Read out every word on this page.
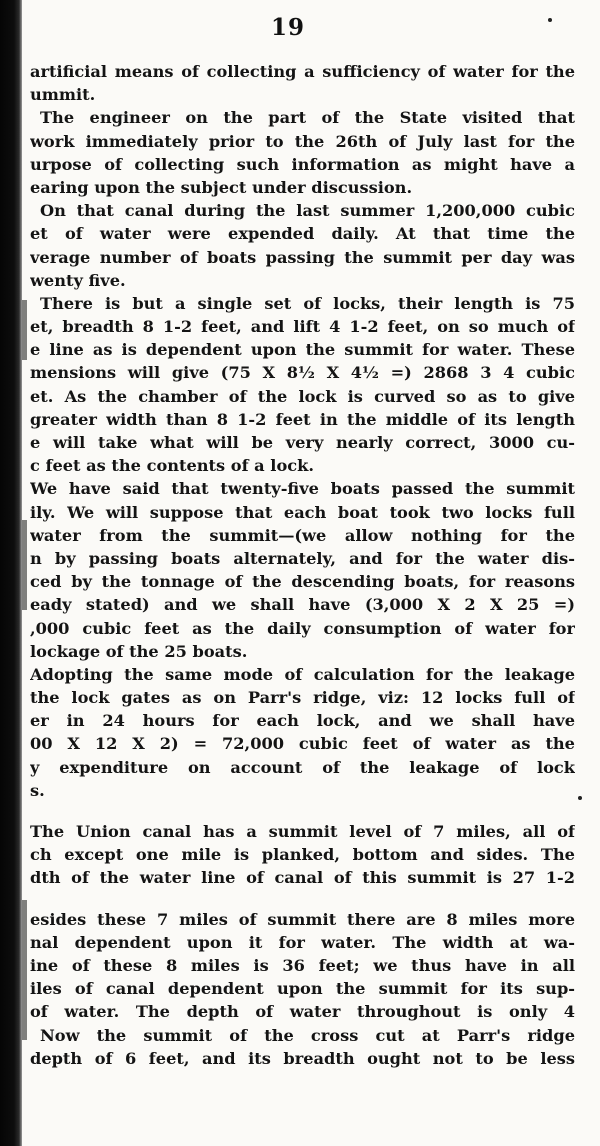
19
artificial means of collecting a sufficiency of water for the
ummit.
The engineer on the part of the State visited that
work immediately prior to the 26th of July last for the
urpose of collecting such information as might have a
earing upon the subject under discussion.
On that canal during the last summer 1,200,000 cubic
et of water were expended daily. At that time the
verage number of boats passing the summit per day was
wenty five.
There is but a single set of locks, their length is 75
et, breadth 8 1-2 feet, and lift 4 1-2 feet, on so much of
e line as is dependent upon the summit for water. These
mensions will give (75 X 8½ X 4½ =) 2868 3 4 cubic
et. As the chamber of the lock is curved so as to give
greater width than 8 1-2 feet in the middle of its length
e will take what will be very nearly correct, 3000 cu-
c feet as the contents of a lock.
We have said that twenty-five boats passed the summit
ily. We will suppose that each boat took two locks full
water from the summit—(we allow nothing for the
n by passing boats alternately, and for the water dis-
ced by the tonnage of the descending boats, for reasons
eady stated) and we shall have (3,000 X 2 X 25 =)
,000 cubic feet as the daily consumption of water for
lockage of the 25 boats.
Adopting the same mode of calculation for the leakage
the lock gates as on Parr's ridge, viz: 12 locks full of
er in 24 hours for each lock, and we shall have
00 X 12 X 2) = 72,000 cubic feet of water as the
y expenditure on account of the leakage of lock
s.
The Union canal has a summit level of 7 miles, all of
ch except one mile is planked, bottom and sides. The
dth of the water line of canal of this summit is 27 1-2
esides these 7 miles of summit there are 8 miles more
nal dependent upon it for water. The width at wa-
ine of these 8 miles is 36 feet; we thus have in all
iles of canal dependent upon the summit for its sup-
of water. The depth of water throughout is only 4
Now the summit of the cross cut at Parr's ridge
depth of 6 feet, and its breadth ought not to be less
